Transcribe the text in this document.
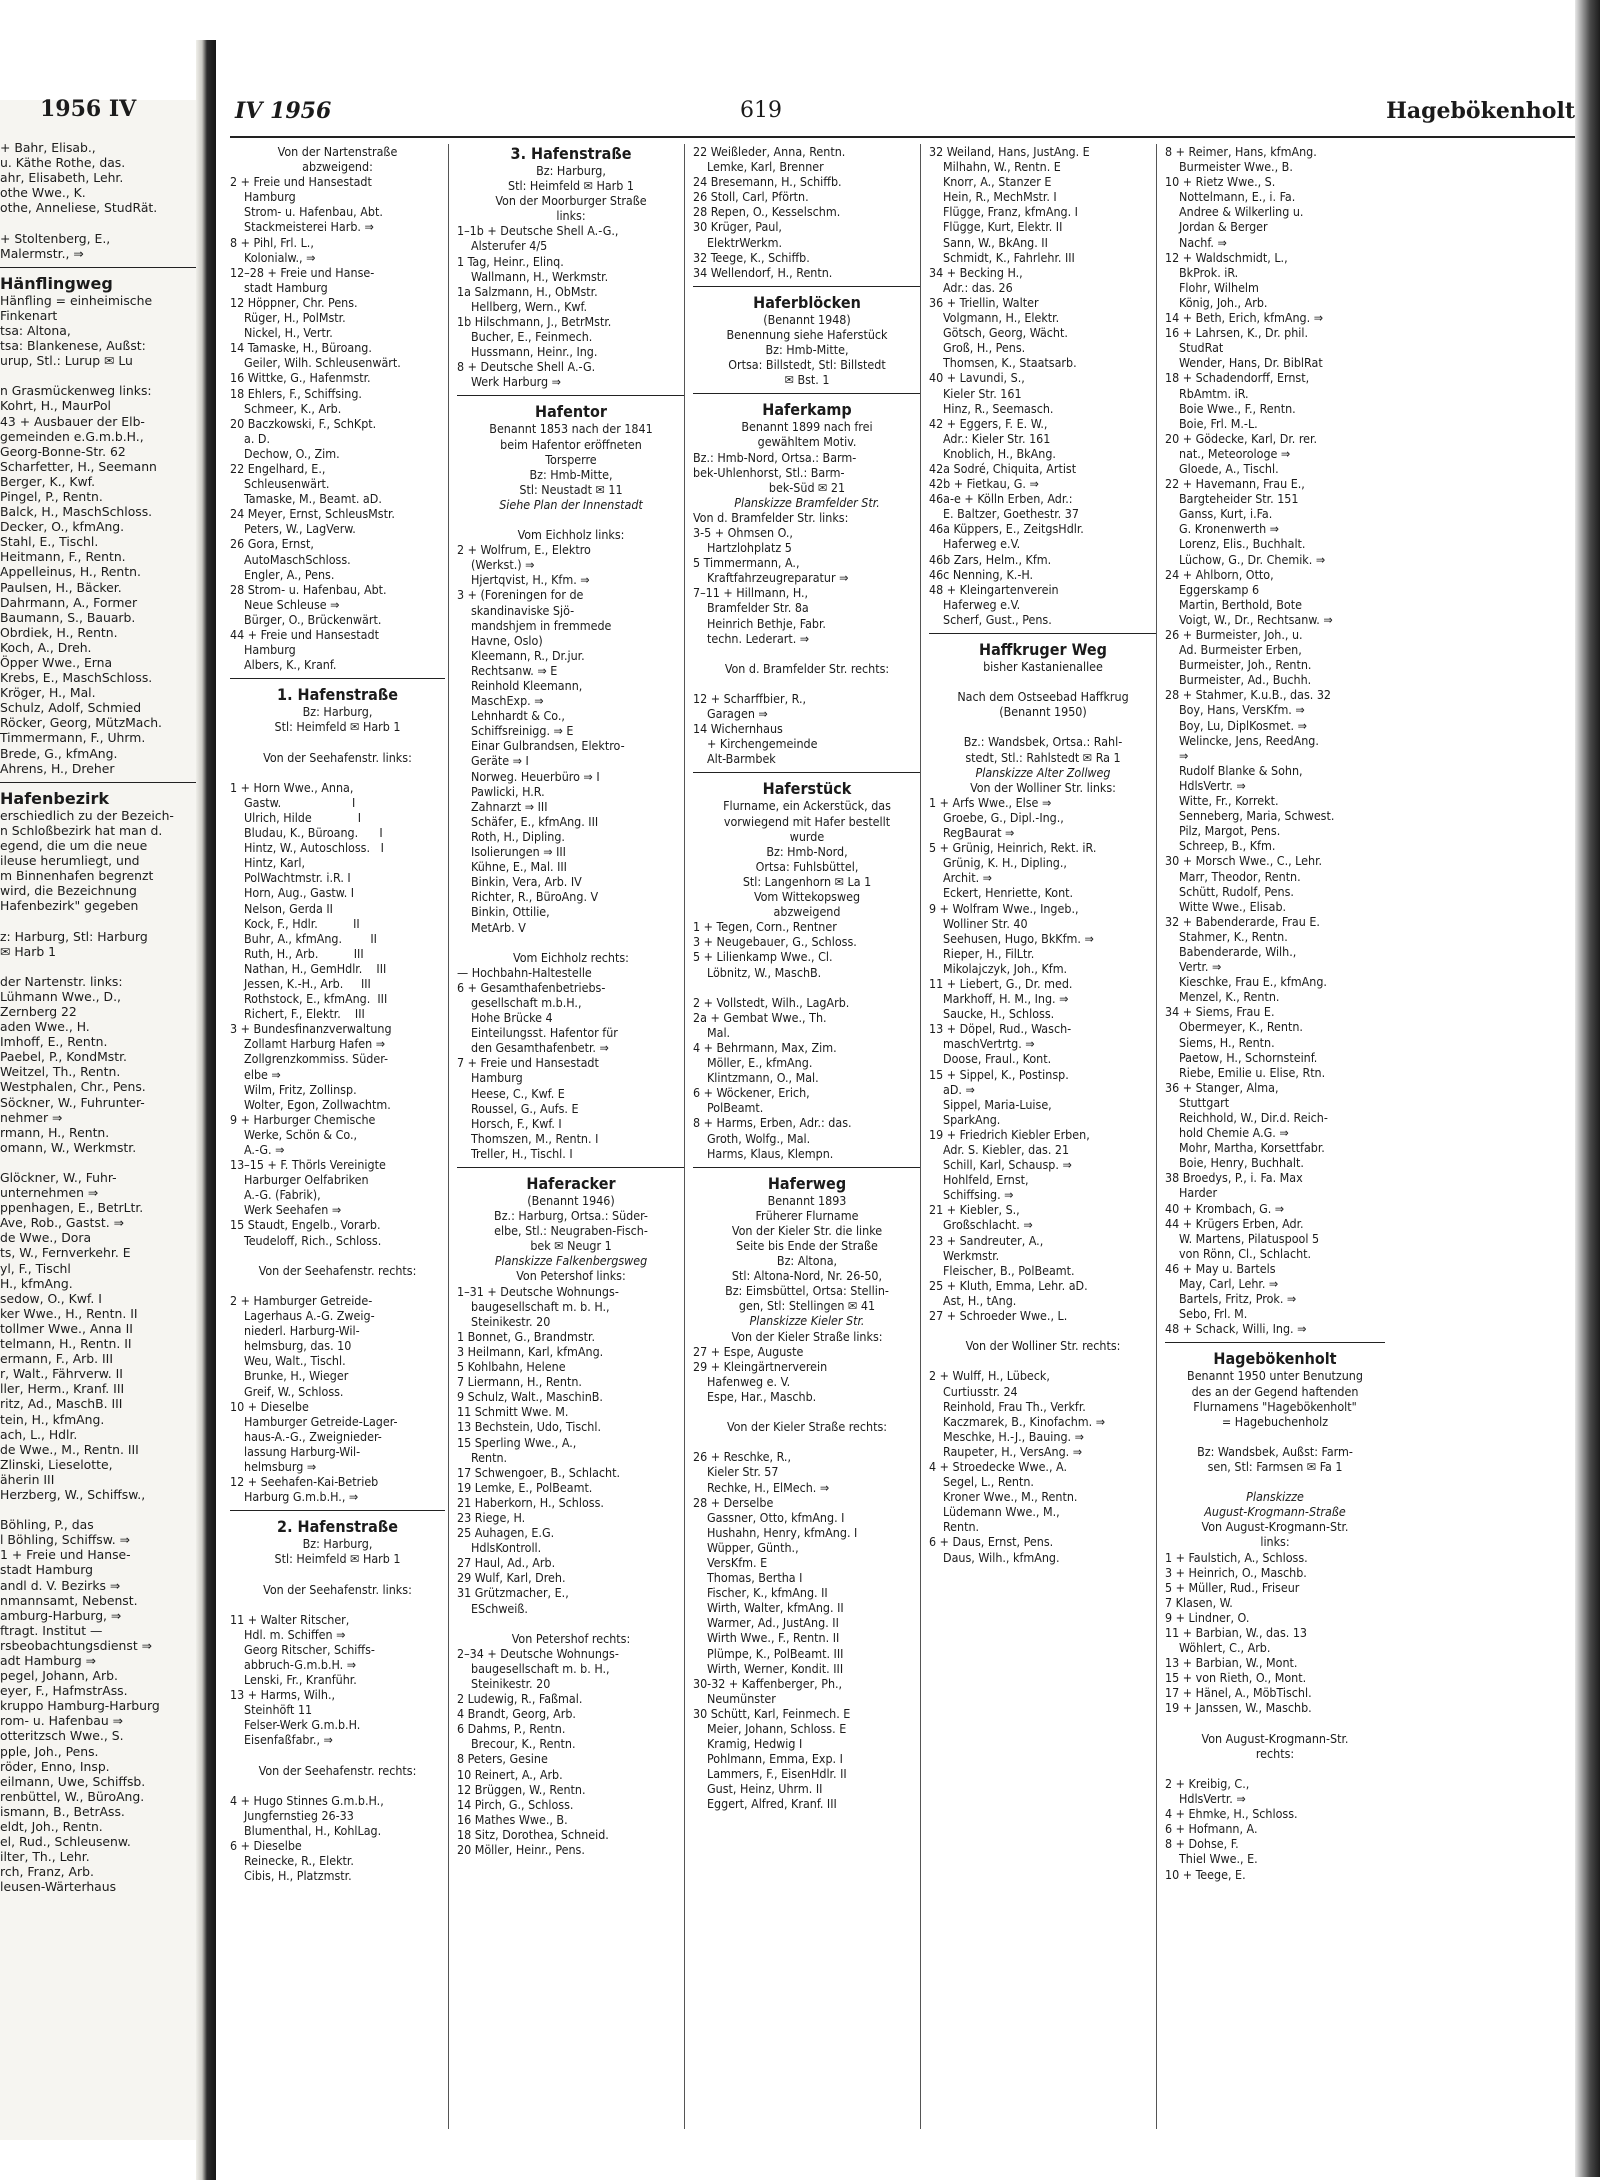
+ Bahr, Elisab.,
u. Käthe Rothe, das.
ahr, Elisabeth, Lehr.
othe Wwe., K.
othe, Anneliese, StudRät.

+ Stoltenberg, E.,
Malermstr., ⇒
Hänflingweg
Hänfling = einheimische
Finkenart
tsa: Altona,
tsa: Blankenese, Außst:
urup, Stl.: Lurup ✉ Lu

n Grasmückenweg links:
Kohrt, H., MaurPol
43 + Ausbauer der Elb-
gemeinden e.G.m.b.H.,
Georg-Bonne-Str. 62
Scharfetter, H., Seemann
Berger, K., Kwf.
Pingel, P., Rentn.
Balck, H., MaschSchloss.
Decker, O., kfmAng.
Stahl, E., Tischl.
Heitmann, F., Rentn.
Appelleinus, H., Rentn.
Paulsen, H., Bäcker.
Dahrmann, A., Former
Baumann, S., Bauarb.
Obrdiek, H., Rentn.
Koch, A., Dreh.
Öpper Wwe., Erna
Krebs, E., MaschSchloss.
Kröger, H., Mal.
Schulz, Adolf, Schmied
Röcker, Georg, MützMach.
Timmermann, F., Uhrm.
Brede, G., kfmAng.
Ahrens, H., Dreher
Hafenbezirk
erschiedlich zu der Bezeich-
n Schloßbezirk hat man d.
egend, die um die neue
ileuse herumliegt, und
m Binnenhafen begrenzt
wird, die Bezeichnung
Hafenbezirk" gegeben

z: Harburg, Stl: Harburg
✉ Harb 1

der Nartenstr. links:
Lühmann Wwe., D.,
Zernberg 22
aden Wwe., H.
Imhoff, E., Rentn.
Paebel, P., KondMstr.
Weitzel, Th., Rentn.
Westphalen, Chr., Pens.
Söckner, W., Fuhrunter-
nehmer ⇒
rmann, H., Rentn.
omann, W., Werkmstr.

Glöckner, W., Fuhr-
unternehmen ⇒
ppenhagen, E., BetrLtr.
Ave, Rob., Gastst. ⇒
de Wwe., Dora
ts, W., Fernverkehr. E
yl, F., Tischl
H., kfmAng.
sedow, O., Kwf. I
ker Wwe., H., Rentn. II
tollmer Wwe., Anna II
telmann, H., Rentn. II
ermann, F., Arb. III
r, Walt., Fährverw. II
ller, Herm., Kranf. III
ritz, Ad., MaschB. III
tein, H., kfmAng.
ach, L., Hdlr.
de Wwe., M., Rentn. III
Zlinski, Lieselotte,
äherin III
Herzberg, W., Schiffsw.,

Böhling, P., das
l Böhling, Schiffsw. ⇒
1 + Freie und Hanse-
stadt Hamburg
andl d. V. Bezirks ⇒
nmannsamt, Nebenst.
amburg-Harburg, ⇒
ftragt. Institut —
rsbeobachtungsdienst ⇒
adt Hamburg ⇒
pegel, Johann, Arb.
eyer, F., HafmstrAss.
kruppo Hamburg-Harburg
rom- u. Hafenbau ⇒
otteritzsch Wwe., S.
pple, Joh., Pens.
röder, Enno, Insp.
eilmann, Uwe, Schiffsb.
renbüttel, W., BüroAng.
ismann, B., BetrAss.
eldt, Joh., Rentn.
el, Rud., Schleusenw.
ilter, Th., Lehr.
rch, Franz, Arb.
leusen-Wärterhaus
1956 IV	IV 1956	619	Hagebökenholt
Von der Nartenstraße
abzweigend:
2 + Freie und Hansestadt
Hamburg
Strom- u. Hafenbau, Abt.
Stackmeisterei Harb. ⇒
8 + Pihl, Frl. L.,
Kolonialw., ⇒
12–28 + Freie und Hanse-
stadt Hamburg
12 Höppner, Chr. Pens.
Rüger, H., PolMstr.
Nickel, H., Vertr.
14 Tamaske, H., Büroang.
Geiler, Wilh. Schleusenwärt.
16 Wittke, G., Hafenmstr.
18 Ehlers, F., Schiffsing.
Schmeer, K., Arb.
20 Baczkowski, F., SchKpt.
a. D.
Dechow, O., Zim.
22 Engelhard, E.,
Schleusenwärt.
Tamaske, M., Beamt. aD.
24 Meyer, Ernst, SchleusMstr.
Peters, W., LagVerw.
26 Gora, Ernst,
AutoMaschSchloss.
Engler, A., Pens.
28 Strom- u. Hafenbau, Abt.
Neue Schleuse ⇒
Bürger, O., Brückenwärt.
44 + Freie und Hansestadt
Hamburg
Albers, K., Kranf.
1. Hafenstraße
Bz: Harburg,
Stl: Heimfeld ✉ Harb 1

Von der Seehafenstr. links:

1 + Horn Wwe., Anna,
Gastw.                    I
Ulrich, Hilde             I
Bludau, K., Büroang.      I
Hintz, W., Autoschloss.   I
Hintz, Karl,
PolWachtmstr. i.R. I
Horn, Aug., Gastw. I
Nelson, Gerda II
Kock, F., Hdlr.          II
Buhr, A., kfmAng.        II
Ruth, H., Arb.          III
Nathan, H., GemHdlr.    III
Jessen, K.-H., Arb.     III
Rothstock, E., kfmAng.  III
Richert, F., Elektr.    III
3 + Bundesfinanzverwaltung
Zollamt Harburg Hafen ⇒
Zollgrenzkommiss. Süder-
elbe ⇒
Wilm, Fritz, Zollinsp.
Wolter, Egon, Zollwachtm.
9 + Harburger Chemische
Werke, Schön & Co.,
A.-G. ⇒
13–15 + F. Thörls Vereinigte
Harburger Oelfabriken
A.-G. (Fabrik),
Werk Seehafen ⇒
15 Staudt, Engelb., Vorarb.
Teudeloff, Rich., Schloss.

Von der Seehafenstr. rechts:

2 + Hamburger Getreide-
Lagerhaus A.-G. Zweig-
niederl. Harburg-Wil-
helmsburg, das. 10
Weu, Walt., Tischl.
Brunke, H., Wieger
Greif, W., Schloss.
10 + Dieselbe
Hamburger Getreide-Lager-
haus-A.-G., Zweignieder-
lassung Harburg-Wil-
helmsburg ⇒
12 + Seehafen-Kai-Betrieb
Harburg G.m.b.H., ⇒
2. Hafenstraße
Bz: Harburg,
Stl: Heimfeld ✉ Harb 1

Von der Seehafenstr. links:

11 + Walter Ritscher,
Hdl. m. Schiffen ⇒
Georg Ritscher, Schiffs-
abbruch-G.m.b.H. ⇒
Lenski, Fr., Kranführ.
13 + Harms, Wilh.,
Steinhöft 11
Felser-Werk G.m.b.H.
Eisenfaßfabr., ⇒

Von der Seehafenstr. rechts:

4 + Hugo Stinnes G.m.b.H.,
Jungfernstieg 26-33
Blumenthal, H., KohlLag.
6 + Dieselbe
Reinecke, R., Elektr.
Cibis, H., Platzmstr.
3. Hafenstraße
Bz: Harburg,
Stl: Heimfeld ✉ Harb 1
Von der Moorburger Straße
links:
1–1b + Deutsche Shell A.-G.,
Alsterufer 4/5
1 Tag, Heinr., Elinq.
Wallmann, H., Werkmstr.
1a Salzmann, H., ObMstr.
Hellberg, Wern., Kwf.
1b Hilschmann, J., BetrMstr.
Bucher, E., Feinmech.
Hussmann, Heinr., Ing.
8 + Deutsche Shell A.-G.
Werk Harburg ⇒
Hafentor
Benannt 1853 nach der 1841
beim Hafentor eröffneten
Torsperre
Bz: Hmb-Mitte,
Stl: Neustadt ✉ 11
Siehe Plan der Innenstadt

Vom Eichholz links:
2 + Wolfrum, E., Elektro
(Werkst.) ⇒
Hjertqvist, H., Kfm. ⇒
3 + (Foreningen for de
skandinaviske Sjö-
mandshjem in fremmede
Havne, Oslo)
Kleemann, R., Dr.jur.
Rechtsanw. ⇒ E
Reinhold Kleemann,
MaschExp. ⇒
Lehnhardt & Co.,
Schiffsreinigg. ⇒ E
Einar Gulbrandsen, Elektro-
Geräte ⇒ I
Norweg. Heuerbüro ⇒ I
Pawlicki, H.R.
Zahnarzt ⇒ III
Schäfer, E., kfmAng. III
Roth, H., Dipling.
Isolierungen ⇒ III
Kühne, E., Mal. III
Binkin, Vera, Arb. IV
Richter, R., BüroAng. V
Binkin, Ottilie,
MetArb. V

Vom Eichholz rechts:
— Hochbahn-Haltestelle
6 + Gesamthafenbetriebs-
gesellschaft m.b.H.,
Hohe Brücke 4
Einteilungsst. Hafentor für
den Gesamthafenbetr. ⇒
7 + Freie und Hansestadt
Hamburg
Heese, C., Kwf. E
Roussel, G., Aufs. E
Horsch, F., Kwf. I
Thomszen, M., Rentn. I
Treller, H., Tischl. I
Haferacker
(Benannt 1946)
Bz.: Harburg, Ortsa.: Süder-
elbe, Stl.: Neugraben-Fisch-
bek ✉ Neugr 1
Planskizze Falkenbergsweg
Von Petershof links:
1–31 + Deutsche Wohnungs-
baugesellschaft m. b. H.,
Steinikestr. 20
1 Bonnet, G., Brandmstr.
3 Heilmann, Karl, kfmAng.
5 Kohlbahn, Helene
7 Liermann, H., Rentn.
9 Schulz, Walt., MaschinB.
11 Schmitt Wwe. M.
13 Bechstein, Udo, Tischl.
15 Sperling Wwe., A.,
Rentn.
17 Schwengoer, B., Schlacht.
19 Lemke, E., PolBeamt.
21 Haberkorn, H., Schloss.
23 Riege, H.
25 Auhagen, E.G.
HdlsKontroll.
27 Haul, Ad., Arb.
29 Wulf, Karl, Dreh.
31 Grützmacher, E.,
ESchweiß.

Von Petershof rechts:
2–34 + Deutsche Wohnungs-
baugesellschaft m. b. H.,
Steinikestr. 20
2 Ludewig, R., Faßmal.
4 Brandt, Georg, Arb.
6 Dahms, P., Rentn.
Brecour, K., Rentn.
8 Peters, Gesine
10 Reinert, A., Arb.
12 Brüggen, W., Rentn.
14 Pirch, G., Schloss.
16 Mathes Wwe., B.
18 Sitz, Dorothea, Schneid.
20 Möller, Heinr., Pens.
22 Weißleder, Anna, Rentn.
Lemke, Karl, Brenner
24 Bresemann, H., Schiffb.
26 Stoll, Carl, Pförtn.
28 Repen, O., Kesselschm.
30 Krüger, Paul,
ElektrWerkm.
32 Teege, K., Schiffb.
34 Wellendorf, H., Rentn.
Haferblöcken
(Benannt 1948)
Benennung siehe Haferstück
Bz: Hmb-Mitte,
Ortsa: Billstedt, Stl: Billstedt
✉ Bst. 1
Haferkamp
Benannt 1899 nach frei
gewähltem Motiv.
Bz.: Hmb-Nord, Ortsa.: Barm-
bek-Uhlenhorst, Stl.: Barm-
bek-Süd ✉ 21
Planskizze Bramfelder Str.
Von d. Bramfelder Str. links:
3-5 + Ohmsen O.,
Hartzlohplatz 5
5 Timmermann, A.,
Kraftfahrzeugreparatur ⇒
7–11 + Hillmann, H.,
Bramfelder Str. 8a
Heinrich Bethje, Fabr.
techn. Lederart. ⇒

Von d. Bramfelder Str. rechts:

12 + Scharffbier, R.,
Garagen ⇒
14 Wichernhaus
+ Kirchengemeinde
Alt-Barmbek
Haferstück
Flurname, ein Ackerstück, das
vorwiegend mit Hafer bestellt
wurde
Bz: Hmb-Nord,
Ortsa: Fuhlsbüttel,
Stl: Langenhorn ✉ La 1
Vom Wittekopsweg
abzweigend
1 + Tegen, Corn., Rentner
3 + Neugebauer, G., Schloss.
5 + Lilienkamp Wwe., Cl.
Löbnitz, W., MaschB.

2 + Vollstedt, Wilh., LagArb.
2a + Gembat Wwe., Th.
Mal.
4 + Behrmann, Max, Zim.
Möller, E., kfmAng.
Klintzmann, O., Mal.
6 + Wöckener, Erich,
PolBeamt.
8 + Harms, Erben, Adr.: das.
Groth, Wolfg., Mal.
Harms, Klaus, Klempn.
Haferweg
Benannt 1893
Früherer Flurname
Von der Kieler Str. die linke
Seite bis Ende der Straße
Bz: Altona,
Stl: Altona-Nord, Nr. 26-50,
Bz: Eimsbüttel, Ortsa: Stellin-
gen, Stl: Stellingen ✉ 41
Planskizze Kieler Str.
Von der Kieler Straße links:
27 + Espe, Auguste
29 + Kleingärtnerverein
Hafenweg e. V.
Espe, Har., Maschb.

Von der Kieler Straße rechts:

26 + Reschke, R.,
Kieler Str. 57
Rechke, H., ElMech. ⇒
28 + Derselbe
Gassner, Otto, kfmAng. I
Hushahn, Henry, kfmAng. I
Wüpper, Günth.,
VersKfm. E
Thomas, Bertha I
Fischer, K., kfmAng. II
Wirth, Walter, kfmAng. II
Warmer, Ad., JustAng. II
Wirth Wwe., F., Rentn. II
Plümpe, K., PolBeamt. III
Wirth, Werner, Kondit. III
30-32 + Kaffenberger, Ph.,
Neumünster
30 Schütt, Karl, Feinmech. E
Meier, Johann, Schloss. E
Kramig, Hedwig I
Pohlmann, Emma, Exp. I
Lammers, F., EisenHdlr. II
Gust, Heinz, Uhrm. II
Eggert, Alfred, Kranf. III
32 Weiland, Hans, JustAng. E
Milhahn, W., Rentn. E
Knorr, A., Stanzer E
Hein, R., MechMstr. I
Flügge, Franz, kfmAng. I
Flügge, Kurt, Elektr. II
Sann, W., BkAng. II
Schmidt, K., Fahrlehr. III
34 + Becking H.,
Adr.: das. 26
36 + Triellin, Walter
Volgmann, H., Elektr.
Götsch, Georg, Wächt.
Groß, H., Pens.
Thomsen, K., Staatsarb.
40 + Lavundi, S.,
Kieler Str. 161
Hinz, R., Seemasch.
42 + Eggers, F. E. W.,
Adr.: Kieler Str. 161
Knoblich, H., BkAng.
42a Sodré, Chiquita, Artist
42b + Fietkau, G. ⇒
46a-e + Kölln Erben, Adr.:
E. Baltzer, Goethestr. 37
46a Küppers, E., ZeitgsHdlr.
Haferweg e.V.
46b Zars, Helm., Kfm.
46c Nenning, K.-H.
48 + Kleingartenverein
Haferweg e.V.
Scherf, Gust., Pens.
Haffkruger Weg
bisher Kastanienallee

Nach dem Ostseebad Haffkrug
(Benannt 1950)

Bz.: Wandsbek, Ortsa.: Rahl-
stedt, Stl.: Rahlstedt ✉ Ra 1
Planskizze Alter Zollweg
Von der Wolliner Str. links:
1 + Arfs Wwe., Else ⇒
Groebe, G., Dipl.-Ing.,
RegBaurat ⇒
5 + Grünig, Heinrich, Rekt. iR.
Grünig, K. H., Dipling.,
Archit. ⇒
Eckert, Henriette, Kont.
9 + Wolfram Wwe., Ingeb.,
Wolliner Str. 40
Seehusen, Hugo, BkKfm. ⇒
Rieper, H., FilLtr.
Mikolajczyk, Joh., Kfm.
11 + Liebert, G., Dr. med.
Markhoff, H. M., Ing. ⇒
Saucke, H., Schloss.
13 + Döpel, Rud., Wasch-
maschVertrtg. ⇒
Doose, Fraul., Kont.
15 + Sippel, K., Postinsp.
aD. ⇒
Sippel, Maria-Luise,
SparkAng.
19 + Friedrich Kiebler Erben,
Adr. S. Kiebler, das. 21
Schill, Karl, Schausp. ⇒
Hohlfeld, Ernst,
Schiffsing. ⇒
21 + Kiebler, S.,
Großschlacht. ⇒
23 + Sandreuter, A.,
Werkmstr.
Fleischer, B., PolBeamt.
25 + Kluth, Emma, Lehr. aD.
Ast, H., tAng.
27 + Schroeder Wwe., L.

Von der Wolliner Str. rechts:

2 + Wulff, H., Lübeck,
Curtiusstr. 24
Reinhold, Frau Th., Verkfr.
Kaczmarek, B., Kinofachm. ⇒
Meschke, H.-J., Bauing. ⇒
Raupeter, H., VersAng. ⇒
4 + Stroedecke Wwe., A.
Segel, L., Rentn.
Kroner Wwe., M., Rentn.
Lüdemann Wwe., M.,
Rentn.
6 + Daus, Ernst, Pens.
Daus, Wilh., kfmAng.
8 + Reimer, Hans, kfmAng.
Burmeister Wwe., B.
10 + Rietz Wwe., S.
Nottelmann, E., i. Fa.
Andree & Wilkerling u.
Jordan & Berger
Nachf. ⇒
12 + Waldschmidt, L.,
BkProk. iR.
Flohr, Wilhelm
König, Joh., Arb.
14 + Beth, Erich, kfmAng. ⇒
16 + Lahrsen, K., Dr. phil.
StudRat
Wender, Hans, Dr. BiblRat
18 + Schadendorff, Ernst,
RbAmtm. iR.
Boie Wwe., F., Rentn.
Boie, Frl. M.-L.
20 + Gödecke, Karl, Dr. rer.
nat., Meteorologe ⇒
Gloede, A., Tischl.
22 + Havemann, Frau E.,
Bargteheider Str. 151
Ganss, Kurt, i.Fa.
G. Kronenwerth ⇒
Lorenz, Elis., Buchhalt.
Lüchow, G., Dr. Chemik. ⇒
24 + Ahlborn, Otto,
Eggerskamp 6
Martin, Berthold, Bote
Voigt, W., Dr., Rechtsanw. ⇒
26 + Burmeister, Joh., u.
Ad. Burmeister Erben,
Burmeister, Joh., Rentn.
Burmeister, Ad., Buchh.
28 + Stahmer, K.u.B., das. 32
Boy, Hans, VersKfm. ⇒
Boy, Lu, DiplKosmet. ⇒
Welincke, Jens, ReedAng.
⇒
Rudolf Blanke & Sohn,
HdlsVertr. ⇒
Witte, Fr., Korrekt.
Senneberg, Maria, Schwest.
Pilz, Margot, Pens.
Schreep, B., Kfm.
30 + Morsch Wwe., C., Lehr.
Marr, Theodor, Rentn.
Schütt, Rudolf, Pens.
Witte Wwe., Elisab.
32 + Babenderarde, Frau E.
Stahmer, K., Rentn.
Babenderarde, Wilh.,
Vertr. ⇒
Kieschke, Frau E., kfmAng.
Menzel, K., Rentn.
34 + Siems, Frau E.
Obermeyer, K., Rentn.
Siems, H., Rentn.
Paetow, H., Schornsteinf.
Riebe, Emilie u. Elise, Rtn.
36 + Stanger, Alma,
Stuttgart
Reichhold, W., Dir.d. Reich-
hold Chemie A.G. ⇒
Mohr, Martha, Korsettfabr.
Boie, Henry, Buchhalt.
38 Broedys, P., i. Fa. Max
Harder
40 + Krombach, G. ⇒
44 + Krügers Erben, Adr.
W. Martens, Pilatuspool 5
von Rönn, Cl., Schlacht.
46 + May u. Bartels
May, Carl, Lehr. ⇒
Bartels, Fritz, Prok. ⇒
Sebo, Frl. M.
48 + Schack, Willi, Ing. ⇒
Hagebökenholt
Benannt 1950 unter Benutzung
des an der Gegend haftenden
Flurnamens "Hagebökenholt"
= Hagebuchenholz

Bz: Wandsbek, Außst: Farm-
sen, Stl: Farmsen ✉ Fa 1

Planskizze
August-Krogmann-Straße
Von August-Krogmann-Str.
links:
1 + Faulstich, A., Schloss.
3 + Heinrich, O., Maschb.
5 + Müller, Rud., Friseur
7 Klasen, W.
9 + Lindner, O.
11 + Barbian, W., das. 13
Wöhlert, C., Arb.
13 + Barbian, W., Mont.
15 + von Rieth, O., Mont.
17 + Hänel, A., MöbTischl.
19 + Janssen, W., Maschb.

Von August-Krogmann-Str.
rechts:

2 + Kreibig, C.,
HdlsVertr. ⇒
4 + Ehmke, H., Schloss.
6 + Hofmann, A.
8 + Dohse, F.
Thiel Wwe., E.
10 + Teege, E.
